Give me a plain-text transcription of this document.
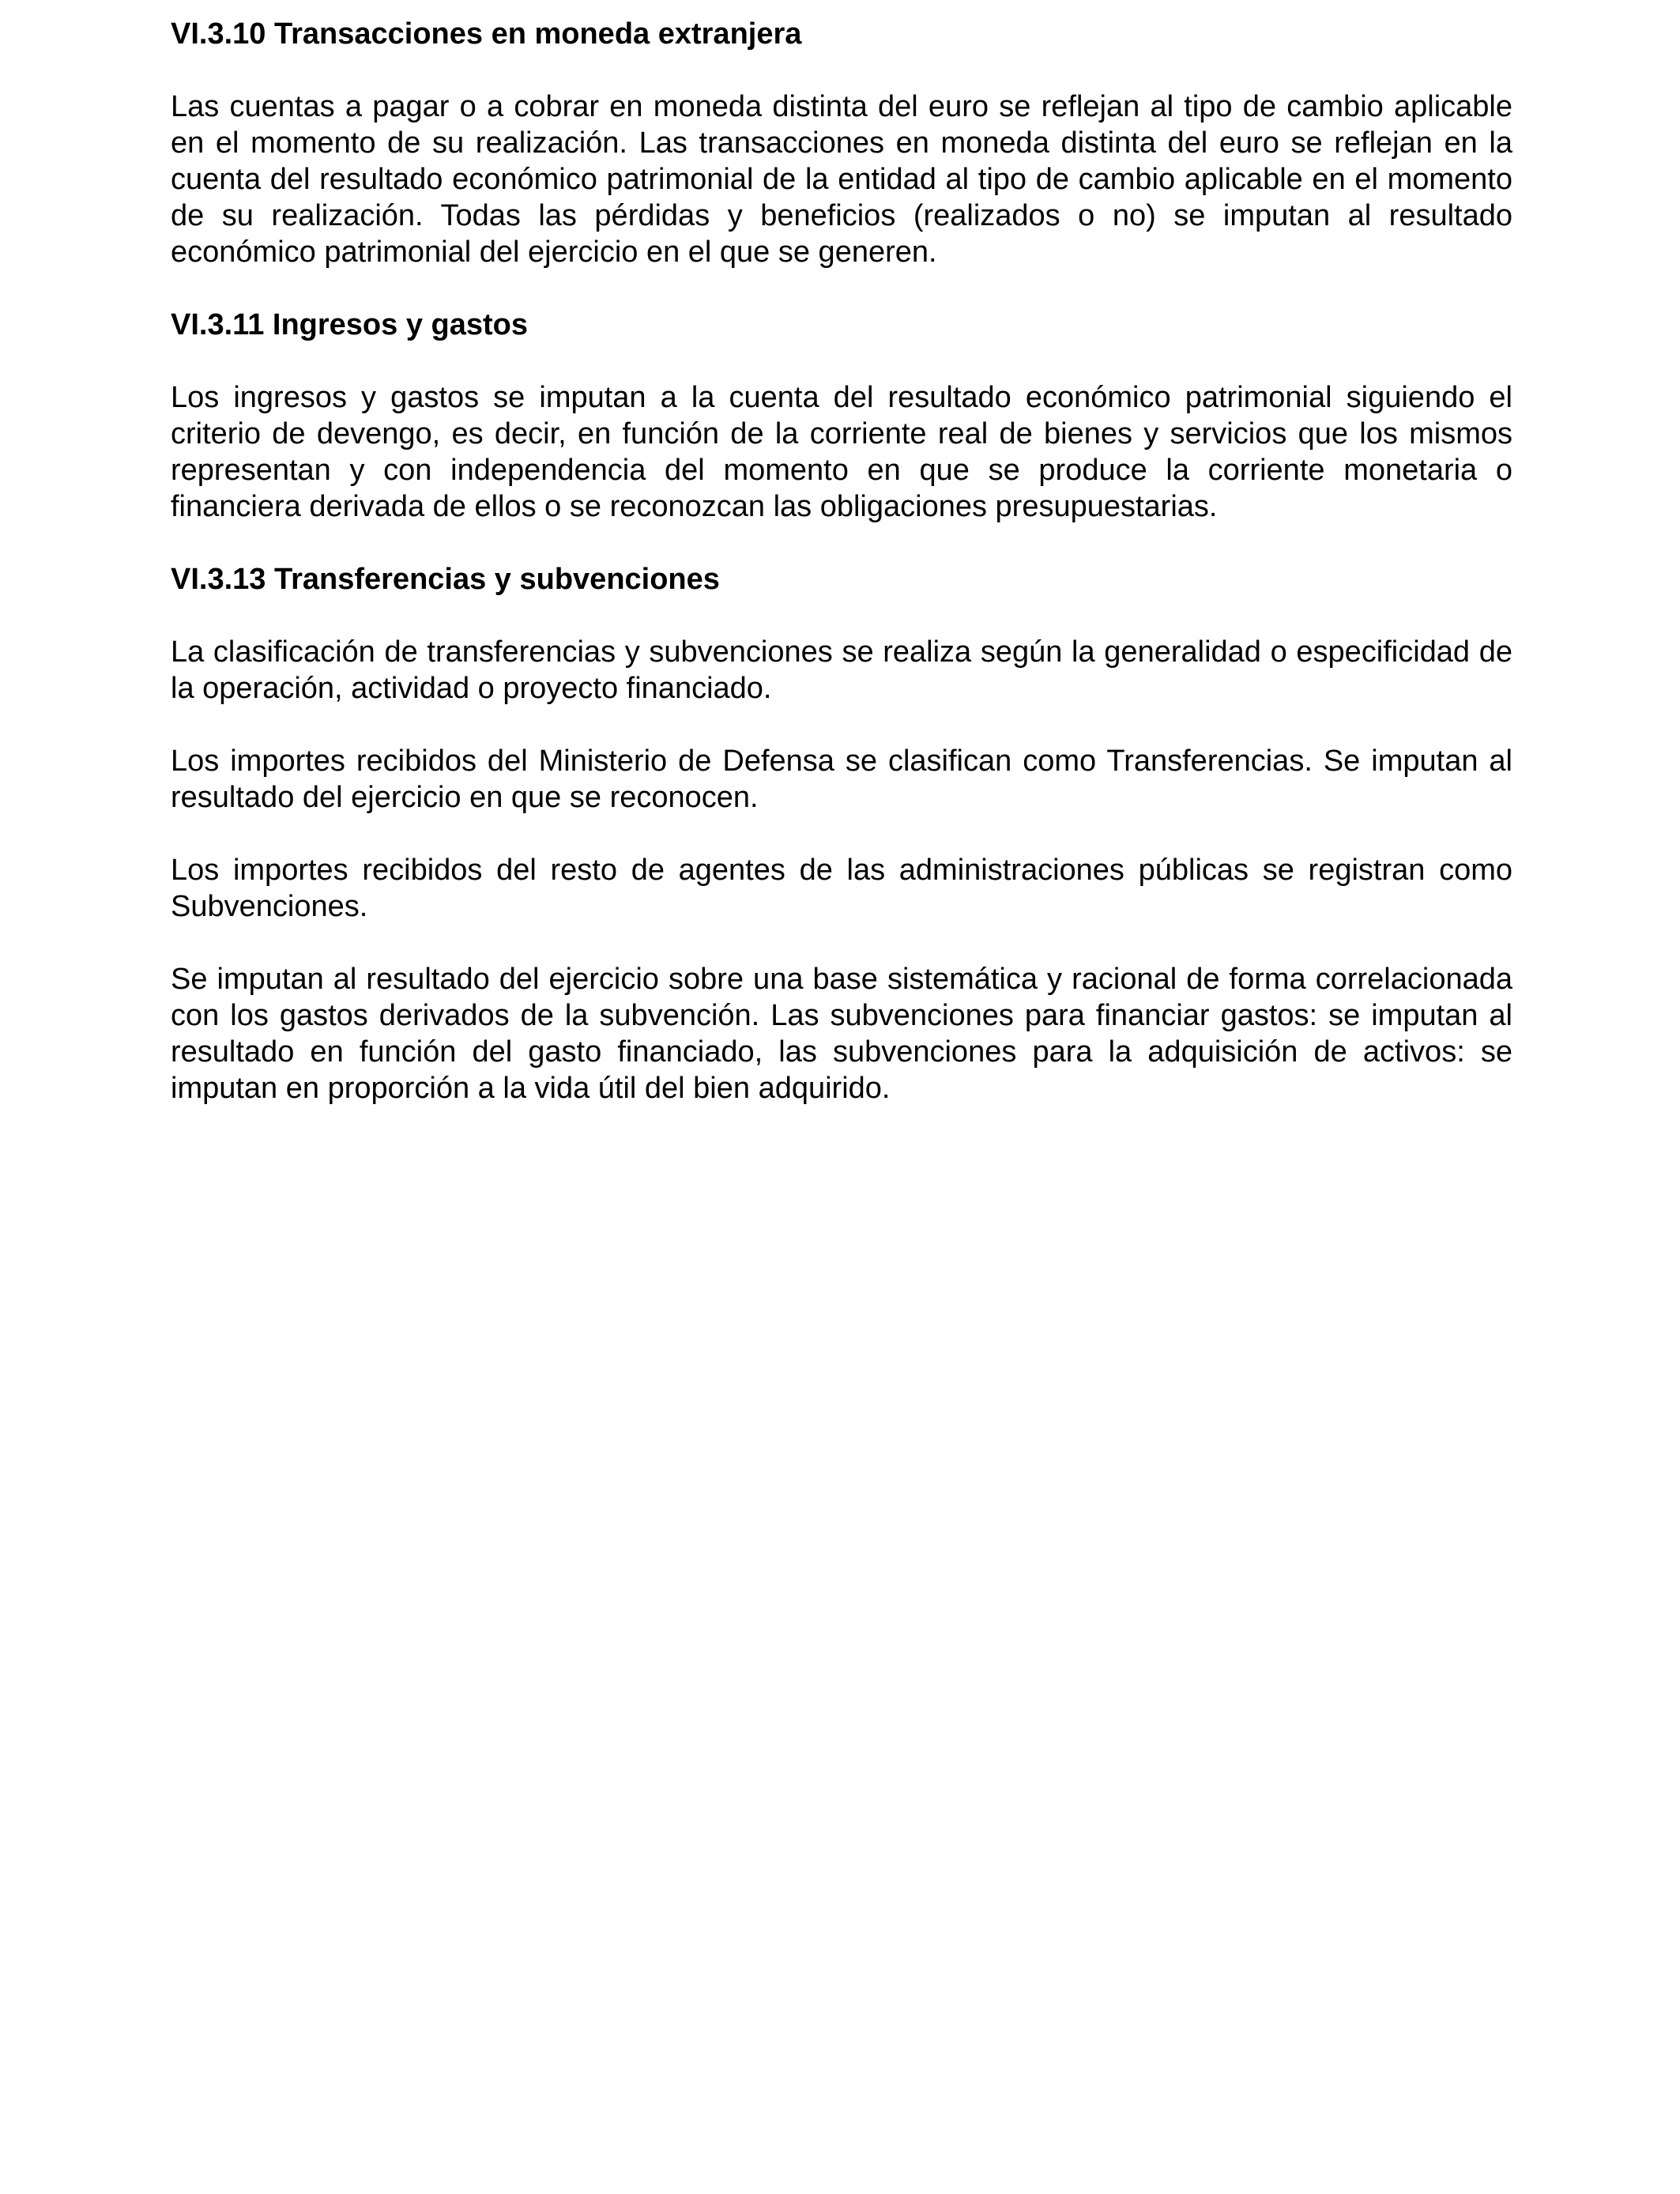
VI.3.10 Transacciones en moneda extranjera

Las cuentas a pagar o a cobrar en moneda distinta del euro se reflejan al tipo de cambio aplicable en el momento de su realización. Las transacciones en moneda distinta del euro se reflejan en la cuenta del resultado económico patrimonial de la entidad al tipo de cambio aplicable en el momento de su realización. Todas las pérdidas y beneficios (realizados o no) se imputan al resultado económico patrimonial del ejercicio en el que se generen.

VI.3.11 Ingresos y gastos

Los ingresos y gastos se imputan a la cuenta del resultado económico patrimonial siguiendo el criterio de devengo, es decir, en función de la corriente real de bienes y servicios que los mismos representan y con independencia del momento en que se produce la corriente monetaria o financiera derivada de ellos o se reconozcan las obligaciones presupuestarias.

VI.3.13 Transferencias y subvenciones

La clasificación de transferencias y subvenciones se realiza según la generalidad o especificidad de la operación, actividad o proyecto financiado.

Los importes recibidos del Ministerio de Defensa se clasifican como Transferencias. Se imputan al resultado del ejercicio en que se reconocen.

Los importes recibidos del resto de agentes de las administraciones públicas se registran como Subvenciones.

Se imputan al resultado del ejercicio sobre una base sistemática y racional de forma correlacionada con los gastos derivados de la subvención. Las subvenciones para financiar gastos: se imputan al resultado en función del gasto financiado, las subvenciones para la adquisición de activos: se imputan en proporción a la vida útil del bien adquirido.
